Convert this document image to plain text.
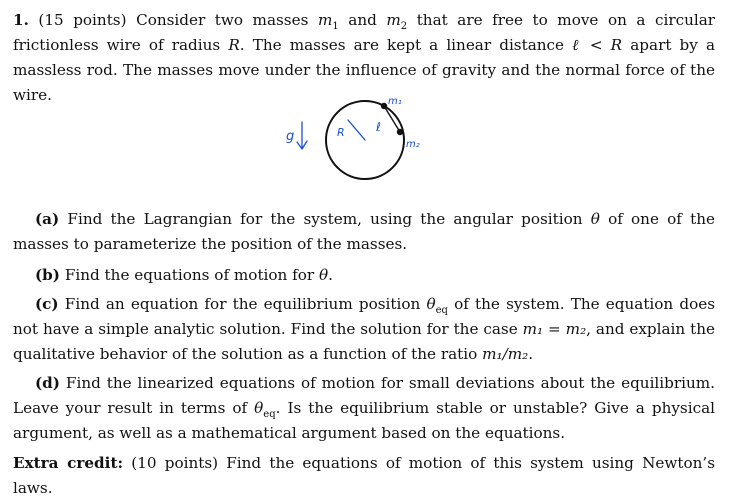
1. (15 points) Consider two masses $m_1$ and $m_2$ that are free to move on a circular frictionless wire of radius R. The masses are kept a linear distance ℓ < R apart by a massless rod. The masses move under the influence of gravity and the normal force of the wire.
g	R	ℓ
m₁
m₂
(a) Find the Lagrangian for the system, using the angular position θ of one of the masses to parameterize the position of the masses.
(b) Find the equations of motion for θ.
(c) Find an equation for the equilibrium position $\theta_{eq}$ of the system. The equation does not have a simple analytic solution. Find the solution for the case m₁ = m₂, and explain the qualitative behavior of the solution as a function of the ratio m₁/m₂.
(d) Find the linearized equations of motion for small deviations about the equilibrium. Leave your result in terms of $\theta_{eq}$. Is the equilibrium stable or unstable? Give a physical argument, as well as a mathematical argument based on the equations.
Extra credit: (10 points) Find the equations of motion of this system using Newton’s laws.
